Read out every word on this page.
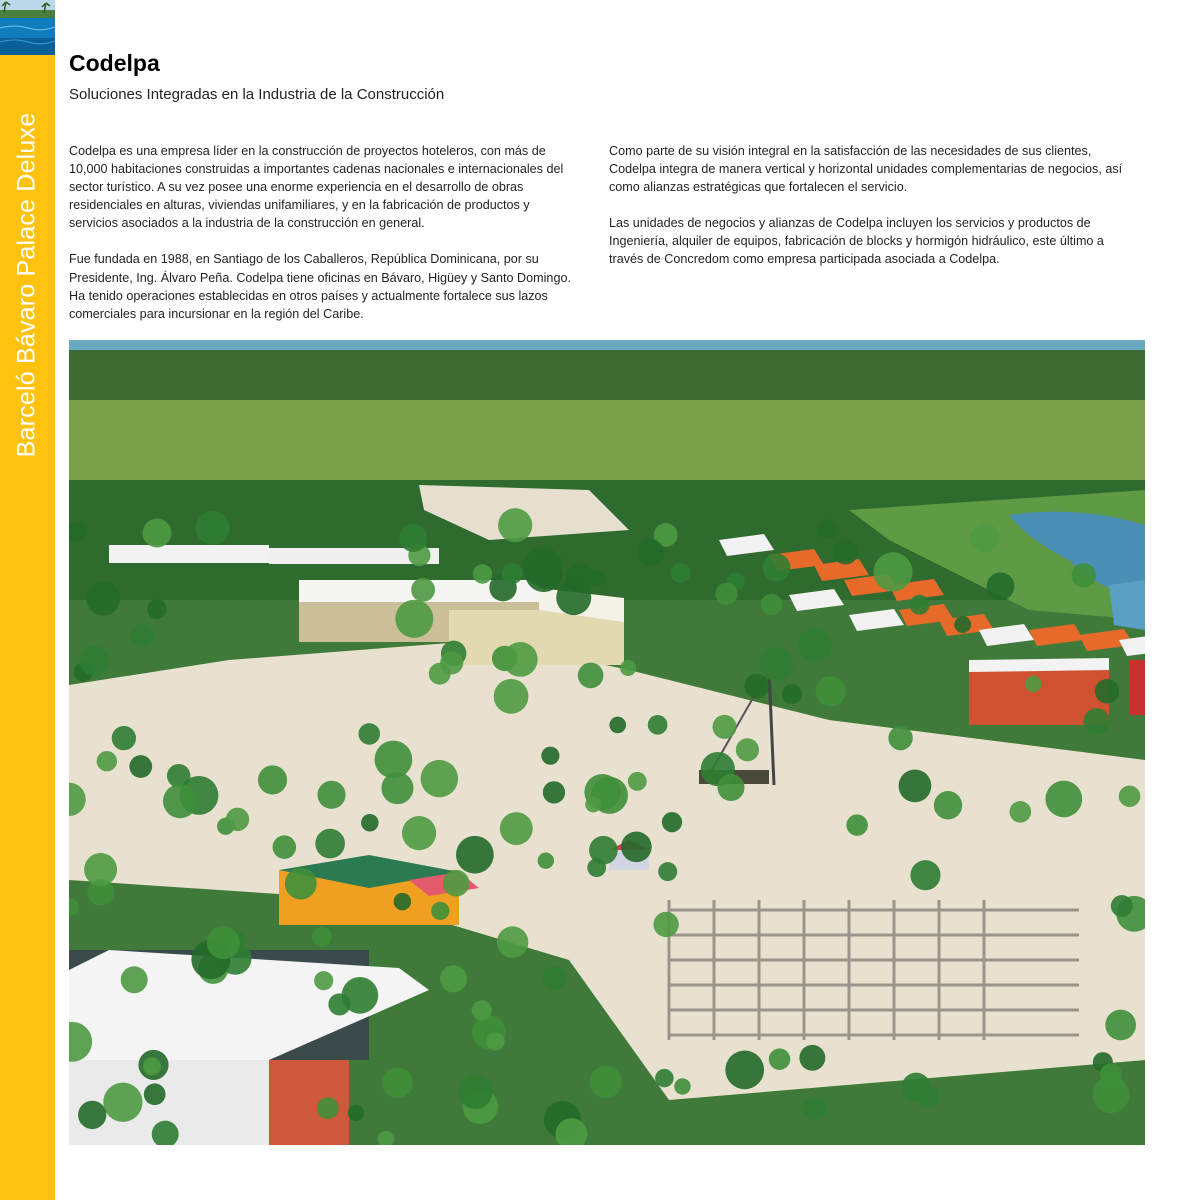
Barceló Bávaro Palace Deluxe
Codelpa
Soluciones Integradas en la Industria de la Construcción

Codelpa es una empresa líder en la construcción de proyectos hoteleros, con más de 10,000 habitaciones construidas a importantes cadenas nacionales e internacionales del sector turístico. A su vez posee una enorme experiencia en el desarrollo de obras residenciales en alturas, viviendas unifamiliares, y en la fabricación de productos y servicios asociados a la industria de la construcción en general.

Fue fundada en 1988, en Santiago de los Caballeros, República Dominicana, por su Presidente, Ing. Álvaro Peña. Codelpa tiene oficinas en Bávaro, Higüey y Santo Domingo. Ha tenido operaciones establecidas en otros países y actualmente fortalece sus lazos comerciales para incursionar en la región del Caribe.

Como parte de su visión integral en la satisfacción de las necesidades de sus clientes, Codelpa integra de manera vertical y horizontal unidades complementarias de negocios, así como alianzas estratégicas que fortalecen el servicio.

Las unidades de negocios y alianzas de Codelpa incluyen los servicios y productos de Ingeniería, alquiler de equipos, fabricación de blocks y hormigón hidráulico, este último a través de Concredom como empresa participada asociada a Codelpa.
